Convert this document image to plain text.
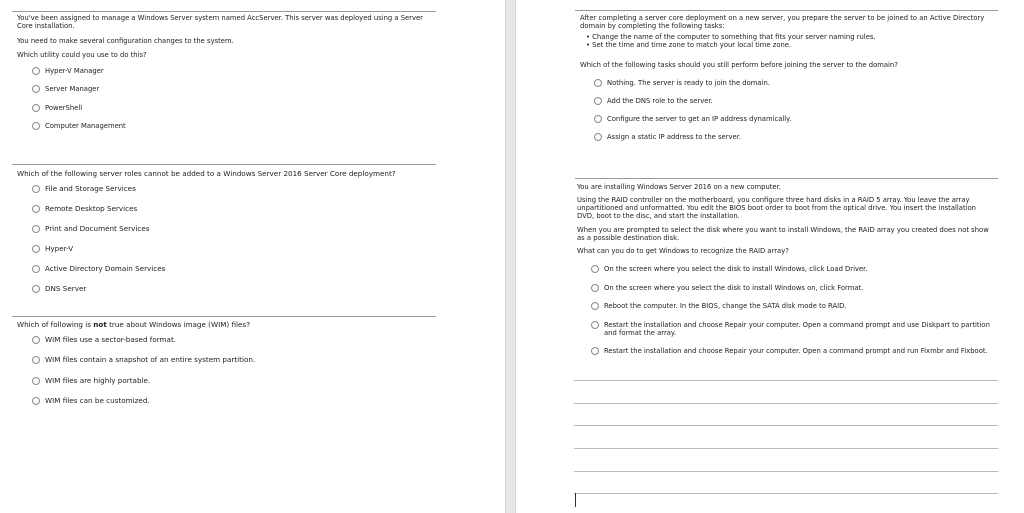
You've been assigned to manage a Windows Server system named AccServer. This server was deployed using a Server Core installation.

You need to make several configuration changes to the system.

Which utility could you use to do this?

Hyper-V Manager
Server Manager
PowerShell
Computer Management

Which of the following server roles cannot be added to a Windows Server 2016 Server Core deployment?

File and Storage Services
Remote Desktop Services
Print and Document Services
Hyper-V
Active Directory Domain Services
DNS Server

Which of following is not true about Windows image (WIM) files?

WIM files use a sector-based format.
WIM files contain a snapshot of an entire system partition.
WIM files are highly portable.
WIM files can be customized.

After completing a server core deployment on a new server, you prepare the server to be joined to an Active Directory domain by completing the following tasks:

• Change the name of the computer to something that fits your server naming rules.

• Set the time and time zone to match your local time zone.

Which of the following tasks should you still perform before joining the server to the domain?

Nothing. The server is ready to join the domain.
Add the DNS role to the server.
Configure the server to get an IP address dynamically.
Assign a static IP address to the server.

You are installing Windows Server 2016 on a new computer.

Using the RAID controller on the motherboard, you configure three hard disks in a RAID 5 array. You leave the array unpartitioned and unformatted. You edit the BIOS boot order to boot from the optical drive. You insert the installation DVD, boot to the disc, and start the installation.

When you are prompted to select the disk where you want to install Windows, the RAID array you created does not show as a possible destination disk.

What can you do to get Windows to recognize the RAID array?

On the screen where you select the disk to install Windows, click Load Driver.
On the screen where you select the disk to install Windows on, click Format.
Reboot the computer. In the BIOS, change the SATA disk mode to RAID.
Restart the installation and choose Repair your computer. Open a command prompt and use Diskpart to partition and format the array.
Restart the installation and choose Repair your computer. Open a command prompt and run Fixmbr and Fixboot.
